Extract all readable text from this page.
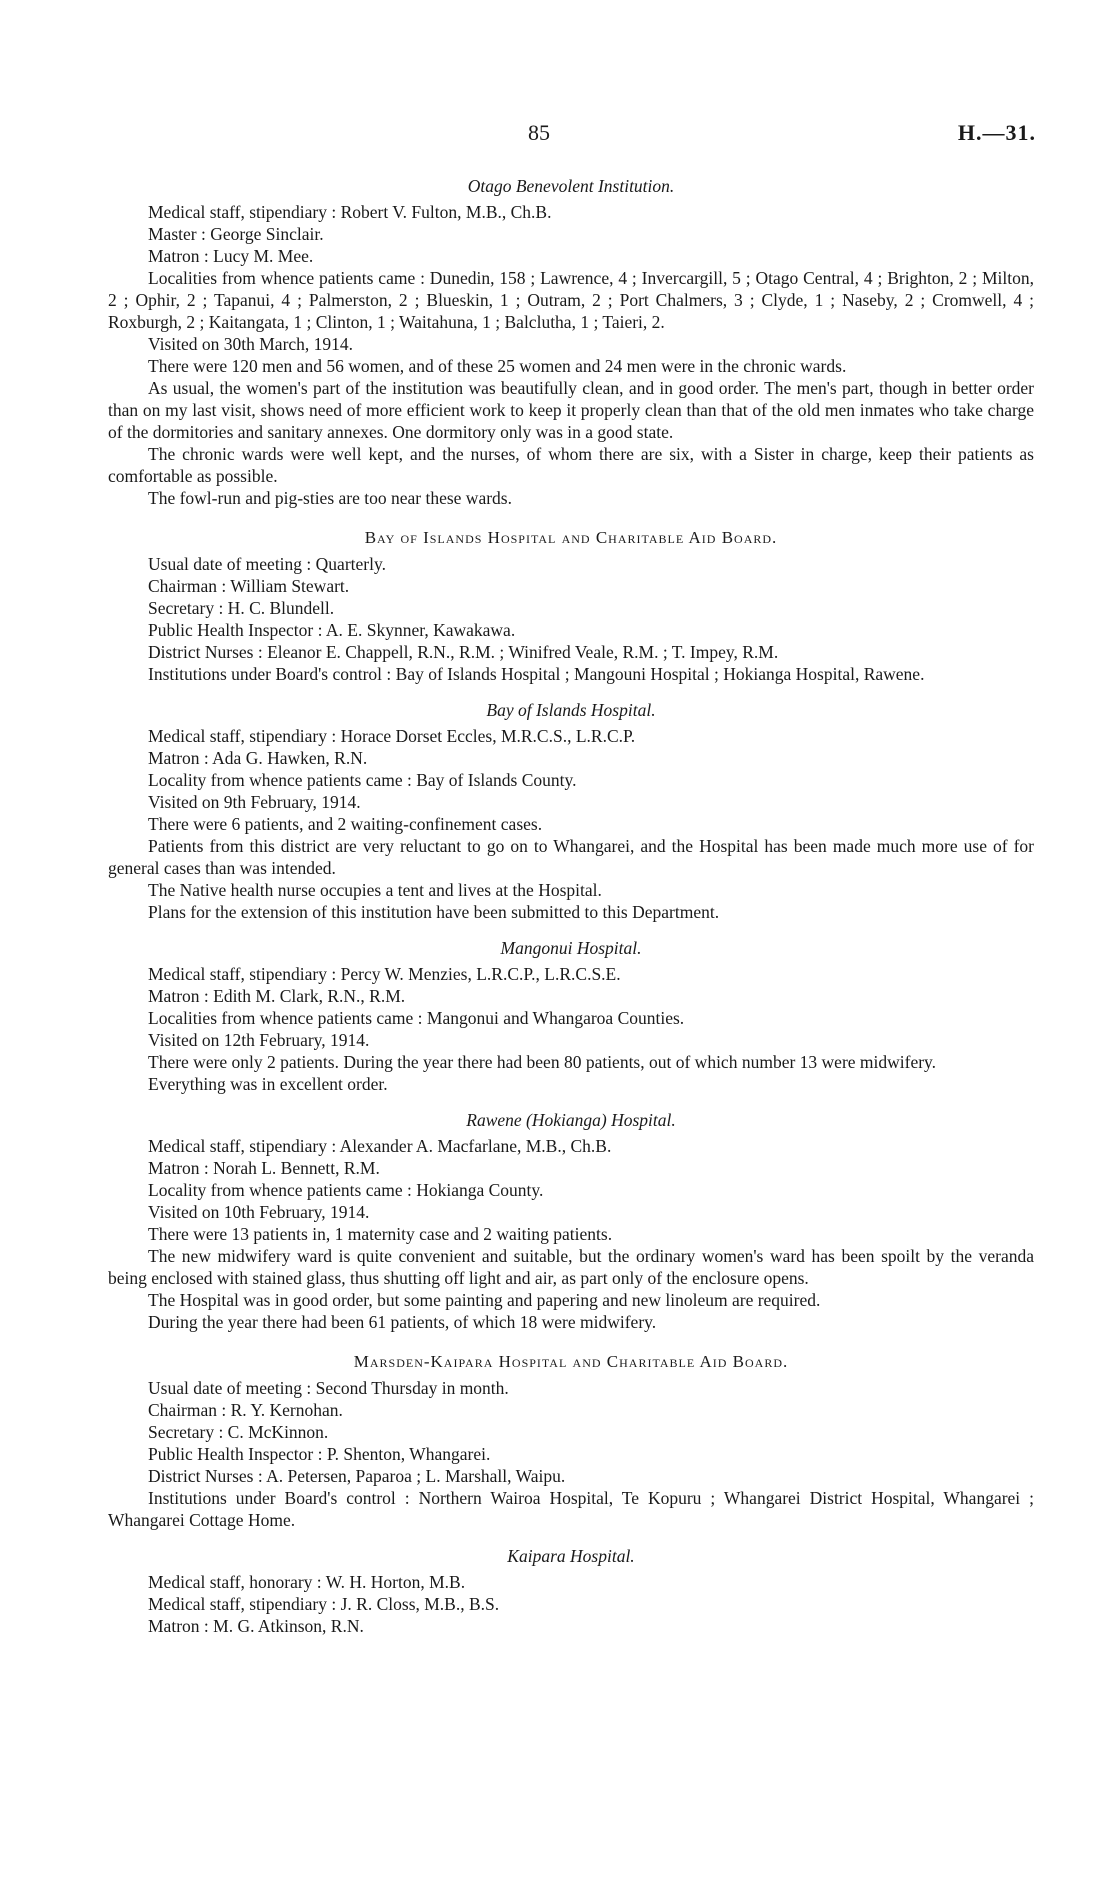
85	H.—31.
Otago Benevolent Institution.

Medical staff, stipendiary : Robert V. Fulton, M.B., Ch.B.

Master : George Sinclair.

Matron : Lucy M. Mee.

Localities from whence patients came : Dunedin, 158 ; Lawrence, 4 ; Invercargill, 5 ; Otago Central, 4 ; Brighton, 2 ; Milton, 2 ; Ophir, 2 ; Tapanui, 4 ; Palmerston, 2 ; Blueskin, 1 ; Outram, 2 ; Port Chalmers, 3 ; Clyde, 1 ; Naseby, 2 ; Cromwell, 4 ; Roxburgh, 2 ; Kaitangata, 1 ; Clinton, 1 ; Waitahuna, 1 ; Balclutha, 1 ; Taieri, 2.

Visited on 30th March, 1914.

There were 120 men and 56 women, and of these 25 women and 24 men were in the chronic wards.

As usual, the women's part of the institution was beautifully clean, and in good order. The men's part, though in better order than on my last visit, shows need of more efficient work to keep it properly clean than that of the old men inmates who take charge of the dormitories and sanitary annexes. One dormitory only was in a good state.

The chronic wards were well kept, and the nurses, of whom there are six, with a Sister in charge, keep their patients as comfortable as possible.

The fowl-run and pig-sties are too near these wards.

Bay of Islands Hospital and Charitable Aid Board.

Usual date of meeting : Quarterly.

Chairman : William Stewart.

Secretary : H. C. Blundell.

Public Health Inspector : A. E. Skynner, Kawakawa.

District Nurses : Eleanor E. Chappell, R.N., R.M. ; Winifred Veale, R.M. ; T. Impey, R.M.

Institutions under Board's control : Bay of Islands Hospital ; Mangouni Hospital ; Hokianga Hospital, Rawene.

Bay of Islands Hospital.

Medical staff, stipendiary : Horace Dorset Eccles, M.R.C.S., L.R.C.P.

Matron : Ada G. Hawken, R.N.

Locality from whence patients came : Bay of Islands County.

Visited on 9th February, 1914.

There were 6 patients, and 2 waiting-confinement cases.

Patients from this district are very reluctant to go on to Whangarei, and the Hospital has been made much more use of for general cases than was intended.

The Native health nurse occupies a tent and lives at the Hospital.

Plans for the extension of this institution have been submitted to this Department.

Mangonui Hospital.

Medical staff, stipendiary : Percy W. Menzies, L.R.C.P., L.R.C.S.E.

Matron : Edith M. Clark, R.N., R.M.

Localities from whence patients came : Mangonui and Whangaroa Counties.

Visited on 12th February, 1914.

There were only 2 patients. During the year there had been 80 patients, out of which number 13 were midwifery.

Everything was in excellent order.

Rawene (Hokianga) Hospital.

Medical staff, stipendiary : Alexander A. Macfarlane, M.B., Ch.B.

Matron : Norah L. Bennett, R.M.

Locality from whence patients came : Hokianga County.

Visited on 10th February, 1914.

There were 13 patients in, 1 maternity case and 2 waiting patients.

The new midwifery ward is quite convenient and suitable, but the ordinary women's ward has been spoilt by the veranda being enclosed with stained glass, thus shutting off light and air, as part only of the enclosure opens.

The Hospital was in good order, but some painting and papering and new linoleum are required.

During the year there had been 61 patients, of which 18 were midwifery.

Marsden-Kaipara Hospital and Charitable Aid Board.

Usual date of meeting : Second Thursday in month.

Chairman : R. Y. Kernohan.

Secretary : C. McKinnon.

Public Health Inspector : P. Shenton, Whangarei.

District Nurses : A. Petersen, Paparoa ; L. Marshall, Waipu.

Institutions under Board's control : Northern Wairoa Hospital, Te Kopuru ; Whangarei District Hospital, Whangarei ; Whangarei Cottage Home.

Kaipara Hospital.

Medical staff, honorary : W. H. Horton, M.B.

Medical staff, stipendiary : J. R. Closs, M.B., B.S.

Matron : M. G. Atkinson, R.N.
